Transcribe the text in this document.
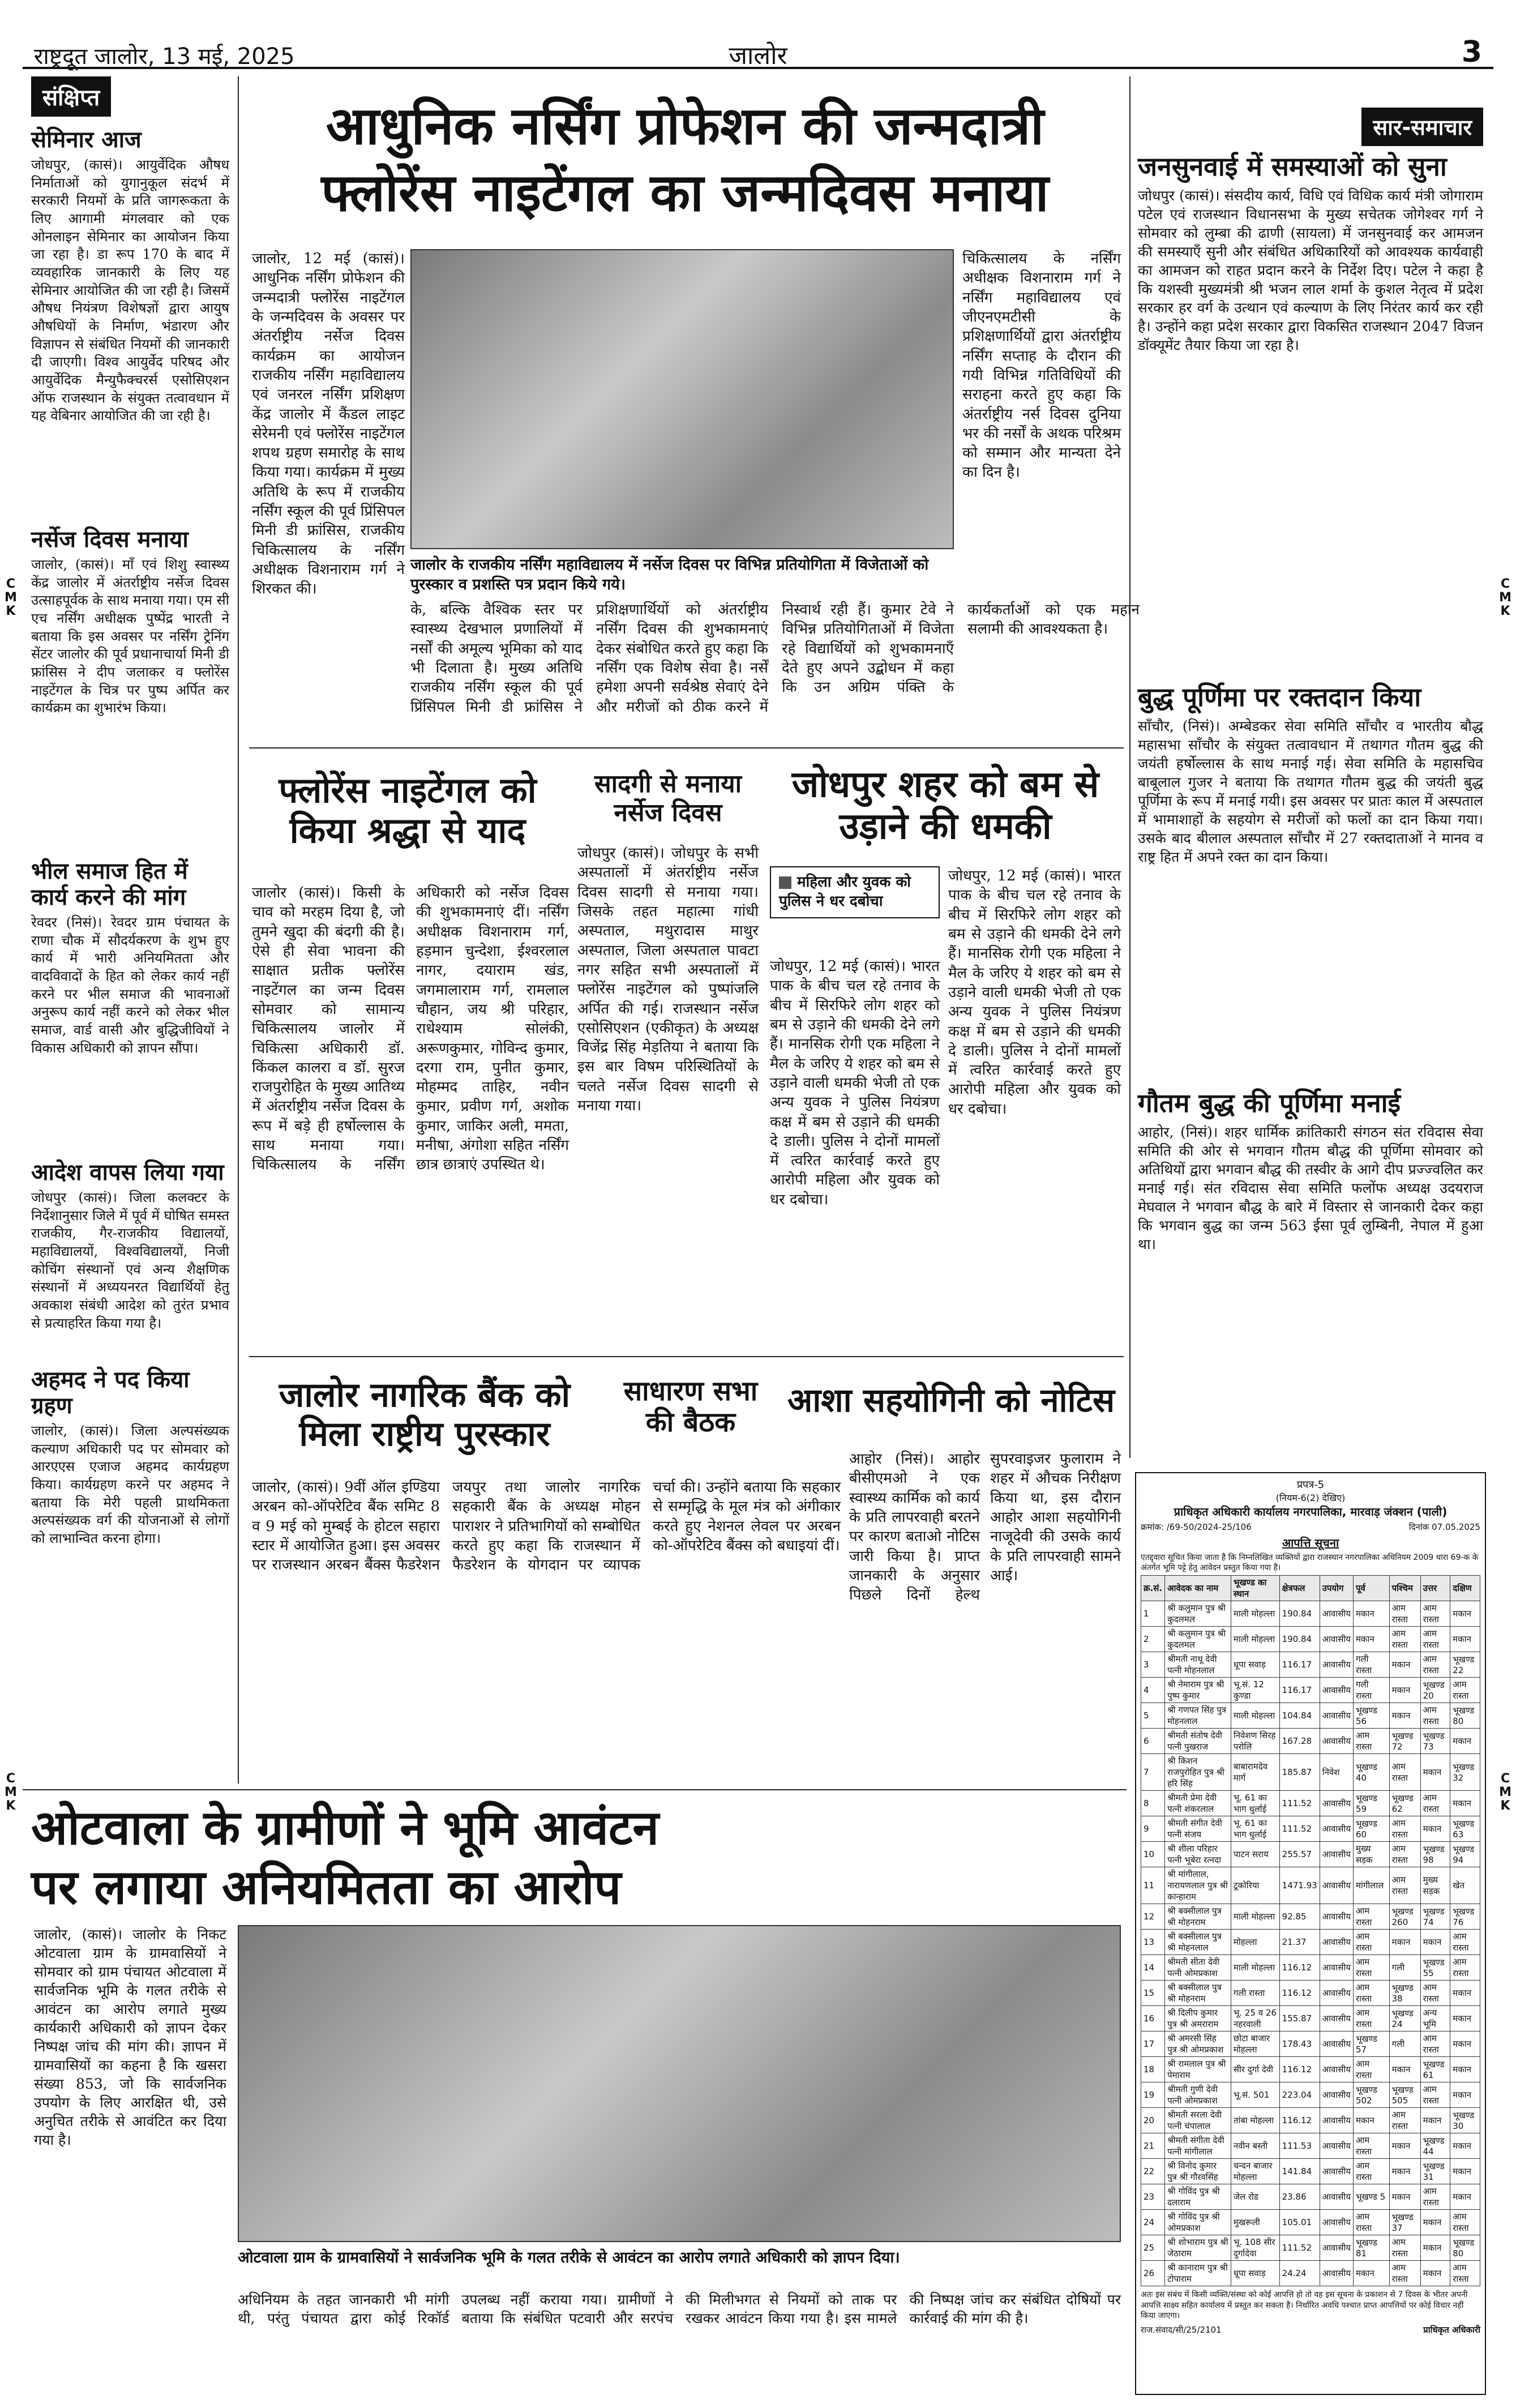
राष्ट्रदूत जालोर, 13 मई, 2025	जालोर	3
C
M
K
C
M
K
C
M
K
C
M
K
संक्षिप्त
सेमिनार आज
जोधपुर, (कासं)। आयुर्वेदिक औषध निर्माताओं को युगानुकूल संदर्भ में सरकारी नियमों के प्रति जागरूकता के लिए आगामी मंगलवार को एक ओनलाइन सेमिनार का आयोजन किया जा रहा है। डा रूप 170 के बाद में व्यवहारिक जानकारी के लिए यह सेमिनार आयोजित की जा रही है। जिसमें औषध नियंत्रण विशेषज्ञों द्वारा आयुष औषधियों के निर्माण, भंडारण और विज्ञापन से संबंधित नियमों की जानकारी दी जाएगी। विश्व आयुर्वेद परिषद और आयुर्वेदिक मैन्युफैक्चरर्स एसोसिएशन ऑफ राजस्थान के संयुक्त तत्वावधान में यह वेबिनार आयोजित की जा रही है।
नर्सेज दिवस मनाया
जालोर, (कासं)। माँ एवं शिशु स्वास्थ्य केंद्र जालोर में अंतर्राष्ट्रीय नर्सेज दिवस उत्साहपूर्वक के साथ मनाया गया। एम सी एच नर्सिंग अधीक्षक पुष्पेंद्र भारती ने बताया कि इस अवसर पर नर्सिंग ट्रेनिंग सेंटर जालोर की पूर्व प्रधानाचार्या मिनी डी फ्रांसिस ने दीप जलाकर व फ्लोरेंस नाइटेंगल के चित्र पर पुष्प अर्पित कर कार्यक्रम का शुभारंभ किया।
भील समाज हित में कार्य करने की मांग
रेवदर (निसं)। रेवदर ग्राम पंचायत के राणा चौक में सौदर्यकरण के शुभ हुए कार्य में भारी अनियमितता और वादविवादों के हित को लेकर कार्य नहीं करने पर भील समाज की भावनाओं अनुरूप कार्य नहीं करने को लेकर भील समाज, वार्ड वासी और बुद्धिजीवियों ने विकास अधिकारी को ज्ञापन सौंपा।
आदेश वापस लिया गया
जोधपुर (कासं)। जिला कलक्टर के निर्देशानुसार जिले में पूर्व में घोषित समस्त राजकीय, गैर-राजकीय विद्यालयों, महाविद्यालयों, विश्वविद्यालयों, निजी कोचिंग संस्थानों एवं अन्य शैक्षणिक संस्थानों में अध्ययनरत विद्यार्थियों हेतु अवकाश संबंधी आदेश को तुरंत प्रभाव से प्रत्याहरित किया गया है।
अहमद ने पद किया ग्रहण
जालोर, (कासं)। जिला अल्पसंख्यक कल्याण अधिकारी पद पर सोमवार को आरएएस एजाज अहमद कार्यग्रहण किया। कार्यग्रहण करने पर अहमद ने बताया कि मेरी पहली प्राथमिकता अल्पसंख्यक वर्ग की योजनाओं से लोगों को लाभान्वित करना होगा।
आधुनिक नर्सिंग प्रोफेशन की जन्मदात्री
फ्लोरेंस नाइटेंगल का जन्मदिवस मनाया
जालोर, 12 मई (कासं)। आधुनिक नर्सिंग प्रोफेशन की जन्मदात्री फ्लोरेंस नाइटेंगल के जन्मदिवस के अवसर पर अंतर्राष्ट्रीय नर्सेज दिवस कार्यक्रम का आयोजन राजकीय नर्सिंग महाविद्यालय एवं जनरल नर्सिंग प्रशिक्षण केंद्र जालोर में कैंडल लाइट सेरेमनी एवं फ्लोरेंस नाइटेंगल शपथ ग्रहण समारोह के साथ किया गया। कार्यक्रम में मुख्य अतिथि के रूप में राजकीय नर्सिंग स्कूल की पूर्व प्रिंसिपल मिनी डी फ्रांसिस, राजकीय चिकित्सालय के नर्सिंग अधीक्षक विशनाराम गर्ग ने शिरकत की।
जालोर के राजकीय नर्सिंग महाविद्यालय में नर्सेज दिवस पर विभिन्न प्रतियोगिता में विजेताओं को पुरस्कार व प्रशस्ति पत्र प्रदान किये गये।
चिकित्सालय के नर्सिंग अधीक्षक विशनाराम गर्ग ने नर्सिंग महाविद्यालय एवं जीएनएमटीसी के प्रशिक्षणार्थियों द्वारा अंतर्राष्ट्रीय नर्सिंग सप्ताह के दौरान की गयी विभिन्न गतिविधियों की सराहना करते हुए कहा कि अंतर्राष्ट्रीय नर्स दिवस दुनिया भर की नर्सों के अथक परिश्रम को सम्मान और मान्यता देने का दिन है।
के, बल्कि वैश्विक स्तर पर स्वास्थ्य देखभाल प्रणालियों में नर्सों की अमूल्य भूमिका को याद भी दिलाता है। मुख्य अतिथि राजकीय नर्सिंग स्कूल की पूर्व प्रिंसिपल मिनी डी फ्रांसिस ने प्रशिक्षणार्थियों को अंतर्राष्ट्रीय नर्सिंग दिवस की शुभकामनाएं देकर संबोधित करते हुए कहा कि नर्सिंग एक विशेष सेवा है। नर्सें हमेशा अपनी सर्वश्रेष्ठ सेवाएं देने और मरीजों को ठीक करने में निस्वार्थ रही हैं। कुमार टेवे ने विभिन्न प्रतियोगिताओं में विजेता रहे विद्यार्थियों को शुभकामनाएँ देते हुए अपने उद्बोधन में कहा कि उन अग्रिम पंक्ति के कार्यकर्ताओं को एक महान सलामी की आवश्यकता है।
फ्लोरेंस नाइटेंगल को किया श्रद्धा से याद
जालोर (कासं)। किसी के चाव को मरहम दिया है, जो तुमने खुदा की बंदगी की है। ऐसे ही सेवा भावना की साक्षात प्रतीक फ्लोरेंस नाइटेंगल का जन्म दिवस सोमवार को सामान्य चिकित्सालय जालोर में चिकित्सा अधिकारी डॉ. किंकल कालरा व डॉ. सुरज राजपुरोहित के मुख्य आतिथ्य में अंतर्राष्ट्रीय नर्सेज दिवस के रूप में बड़े ही हर्षोल्लास के साथ मनाया गया। चिकित्सालय के नर्सिंग अधिकारी को नर्सेज दिवस की शुभकामनाएं दीं। नर्सिंग अधीक्षक विशनाराम गर्ग, हड़मान चुन्देशा, ईश्वरलाल नागर, दयाराम खंड, जगमालाराम गर्ग, रामलाल चौहान, जय श्री परिहार, राधेश्याम सोलंकी, अरूणकुमार, गोविन्द कुमार, दरगा राम, पुनीत कुमार, मोहम्मद ताहिर, नवीन कुमार, प्रवीण गर्ग, अशोक कुमार, जाकिर अली, ममता, मनीषा, अंगोशा सहित नर्सिंग छात्र छात्राएं उपस्थित थे।
सादगी से मनाया नर्सेज दिवस
जोधपुर (कासं)। जोधपुर के सभी अस्पतालों में अंतर्राष्ट्रीय नर्सेज दिवस सादगी से मनाया गया। जिसके तहत महात्मा गांधी अस्पताल, मथुरादास माथुर अस्पताल, जिला अस्पताल पावटा नगर सहित सभी अस्पतालों में फ्लोरेंस नाइटेंगल को पुष्पांजलि अर्पित की गई। राजस्थान नर्सेज एसोसिएशन (एकीकृत) के अध्यक्ष विजेंद्र सिंह मेड़तिया ने बताया कि इस बार विषम परिस्थितियों के चलते नर्सेज दिवस सादगी से मनाया गया।
जोधपुर शहर को बम से उड़ाने की धमकी
महिला और युवक को पुलिस ने धर दबोचा
जोधपुर, 12 मई (कासं)। भारत पाक के बीच चल रहे तनाव के बीच में सिरफिरे लोग शहर को बम से उड़ाने की धमकी देने लगे हैं। मानसिक रोगी एक महिला ने मैल के जरिए ये शहर को बम से उड़ाने वाली धमकी भेजी तो एक अन्य युवक ने पुलिस नियंत्रण कक्ष में बम से उड़ाने की धमकी दे डाली। पुलिस ने दोनों मामलों में त्वरित कार्रवाई करते हुए आरोपी महिला और युवक को धर दबोचा।
जोधपुर, 12 मई (कासं)। भारत पाक के बीच चल रहे तनाव के बीच में सिरफिरे लोग शहर को बम से उड़ाने की धमकी देने लगे हैं। मानसिक रोगी एक महिला ने मैल के जरिए ये शहर को बम से उड़ाने वाली धमकी भेजी तो एक अन्य युवक ने पुलिस नियंत्रण कक्ष में बम से उड़ाने की धमकी दे डाली। पुलिस ने दोनों मामलों में त्वरित कार्रवाई करते हुए आरोपी महिला और युवक को धर दबोचा।
जालोर नागरिक बैंक को मिला राष्ट्रीय पुरस्कार
जालोर, (कासं)। 9वीं ऑल इण्डिया अरबन को-ऑपरेटिव बैंक समिट 8 व 9 मई को मुम्बई के होटल सहारा स्टार में आयोजित हुआ। इस अवसर पर राजस्थान अरबन बैंक्स फैडरेशन जयपुर तथा जालोर नागरिक सहकारी बैंक के अध्यक्ष मोहन पाराशर ने प्रतिभागियों को सम्बोधित करते हुए कहा कि राजस्थान में फैडरेशन के योगदान पर व्यापक चर्चा की। उन्होंने बताया कि सहकार से सम्मृद्धि के मूल मंत्र को अंगीकार करते हुए नेशनल लेवल पर अरबन को-ऑपरेटिव बैंक्स को बधाइयां दीं।
साधारण सभा की बैठक
आशा सहयोगिनी को नोटिस
आहोर (निसं)। आहोर बीसीएमओ ने एक स्वास्थ्य कार्मिक को कार्य के प्रति लापरवाही बरतने पर कारण बताओ नोटिस जारी किया है। प्राप्त जानकारी के अनुसार पिछले दिनों हेल्थ सुपरवाइजर फुलाराम ने शहर में औचक निरीक्षण किया था, इस दौरान आहोर आशा सहयोगिनी नाजूदेवी की उसके कार्य के प्रति लापरवाही सामने आई।
ओटवाला के ग्रामीणों ने भूमि आवंटन
पर लगाया अनियमितता का आरोप
जालोर, (कासं)। जालोर के निकट ओटवाला ग्राम के ग्रामवासियों ने सोमवार को ग्राम पंचायत ओटवाला में सार्वजनिक भूमि के गलत तरीके से आवंटन का आरोप लगाते मुख्य कार्यकारी अधिकारी को ज्ञापन देकर निष्पक्ष जांच की मांग की। ज्ञापन में ग्रामवासियों का कहना है कि खसरा संख्या 853, जो कि सार्वजनिक उपयोग के लिए आरक्षित थी, उसे अनुचित तरीके से आवंटित कर दिया गया है।
ओटवाला ग्राम के ग्रामवासियों ने सार्वजनिक भूमि के गलत तरीके से आवंटन का आरोप लगाते अधिकारी को ज्ञापन दिया।
अधिनियम के तहत जानकारी भी मांगी थी, परंतु पंचायत द्वारा कोई रिकॉर्ड उपलब्ध नहीं कराया गया। ग्रामीणों ने बताया कि संबंधित पटवारी और सरपंच की मिलीभगत से नियमों को ताक पर रखकर आवंटन किया गया है। इस मामले की निष्पक्ष जांच कर संबंधित दोषियों पर कार्रवाई की मांग की है।
सार-समाचार
जनसुनवाई में समस्याओं को सुना
जोधपुर (कासं)। संसदीय कार्य, विधि एवं विधिक कार्य मंत्री जोगाराम पटेल एवं राजस्थान विधानसभा के मुख्य सचेतक जोगेश्वर गर्ग ने सोमवार को लुम्बा की ढाणी (सायला) में जनसुनवाई कर आमजन की समस्याएँ सुनी और संबंधित अधिकारियों को आवश्यक कार्यवाही का आमजन को राहत प्रदान करने के निर्देश दिए। पटेल ने कहा है कि यशस्वी मुख्यमंत्री श्री भजन लाल शर्मा के कुशल नेतृत्व में प्रदेश सरकार हर वर्ग के उत्थान एवं कल्याण के लिए निरंतर कार्य कर रही है। उन्होंने कहा प्रदेश सरकार द्वारा विकसित राजस्थान 2047 विजन डॉक्यूमेंट तैयार किया जा रहा है।
बुद्ध पूर्णिमा पर रक्तदान किया
साँचौर, (निसं)। अम्बेडकर सेवा समिति साँचौर व भारतीय बौद्ध महासभा साँचौर के संयुक्त तत्वावधान में तथागत गौतम बुद्ध की जयंती हर्षोल्लास के साथ मनाई गई। सेवा समिति के महासचिव बाबूलाल गुजर ने बताया कि तथागत गौतम बुद्ध की जयंती बुद्ध पूर्णिमा के रूप में मनाई गयी। इस अवसर पर प्रातः काल में अस्पताल में भामाशाहों के सहयोग से मरीजों को फलों का दान किया गया। उसके बाद बीलाल अस्पताल साँचौर में 27 रक्तदाताओं ने मानव व राष्ट्र हित में अपने रक्त का दान किया।
गौतम बुद्ध की पूर्णिमा मनाई
आहोर, (निसं)। शहर धार्मिक क्रांतिकारी संगठन संत रविदास सेवा समिति की ओर से भगवान गौतम बौद्ध की पूर्णिमा सोमवार को अतिथियों द्वारा भगवान बौद्ध की तस्वीर के आगे दीप प्रज्ज्वलित कर मनाई गई। संत रविदास सेवा समिति फलोंफ अध्यक्ष उदयराज मेघवाल ने भगवान बौद्ध के बारे में विस्तार से जानकारी देकर कहा कि भगवान बुद्ध का जन्म 563 ईसा पूर्व लुम्बिनी, नेपाल में हुआ था।
प्रपत्र-5
(नियम-6(2) देखिए)
प्राधिकृत अधिकारी कार्यालय नगरपालिका, मारवाड़ जंक्शन (पाली)
क्रमांक: /69-50/2024-25/106	दिनांक 07.05.2025
आपत्ति सूचना
एतद्द्वारा सूचित किया जाता है कि निम्नलिखित व्यक्तियों द्वारा राजस्थान नगरपालिका अधिनियम 2009 धारा 69-क के अंतर्गत भूमि पट्टे हेतु आवेदन प्रस्तुत किया गया है।
क्र.सं.	आवेदक का नाम	भूखण्ड का स्थान	क्षेत्रफल	उपयोग	पूर्व	पश्चिम	उत्तर	दक्षिण
1	श्री कलुमान पुत्र श्री कुदलमल	माली मोहल्ला	190.84	आवासीय	मकान	आम रास्ता	आम रास्ता	मकान
2	श्री कलुमान पुत्र श्री कुदलमल	माली मोहल्ला	190.84	आवासीय	मकान	आम रास्ता	आम रास्ता	मकान
3	श्रीमती नाथू देवी पत्नी मोहनलाल	धूपा सवाड़	116.17	आवासीय	गली रास्ता	मकान	आम रास्ता	भूखण्ड 22
4	श्री नेमाराम पुत्र श्री पुष्प कुमार	भू.सं. 12 कुण्डा	116.17	आवासीय	गली रास्ता	मकान	भूखण्ड 20	आम रास्ता
5	श्री गणपत सिंह पुत्र मोहनलाल	माली मोहल्ला	104.84	आवासीय	भूखण्ड 56	मकान	आम रास्ता	भूखण्ड 80
6	श्रीमती संतोष देवी पत्नी पुखराज	निवेशण सिरह परोलि	167.28	आवासीय	आम रास्ता	भूखण्ड 72	भूखण्ड 73	मकान
7	श्री किशन राजपुरोहित पुत्र श्री हरि सिंह	बाबारामदेव मार्ग	185.87	निवेश	भूखण्ड 40	आम रास्ता	मकान	भूखण्ड 32
8	श्रीमती प्रेमा देवी पत्नी शंकरलाल	भू. 61 का भाग धुर्लाई	111.52	आवासीय	भूखण्ड 59	भूखण्ड 62	आम रास्ता	मकान
9	श्रीमती संगीत देवी पत्नी संजय	भू. 61 का भाग धुर्लाई	111.52	आवासीय	भूखण्ड 60	आम रास्ता	मकान	भूखण्ड 63
10	श्री शीला परिहार पत्नी भूबेरा रत्नदा	पाटन सराय	255.57	आवासीय	मुख्य सड़क	आम रास्ता	भूखण्ड 98	भूखण्ड 94
11	श्री मांगीलाल, नारायणलाल पुत्र श्री कान्हाराम	टूकोरिया	1471.93	आवासीय	मांगीलाल	आम रास्ता	मुख्य सड़क	खेत
12	श्री बक्सीलाल पुत्र श्री मोहनराम	माली मोहल्ला	92.85	आवासीय	आम रास्ता	भूखण्ड 260	भूखण्ड 74	भूखण्ड 76
13	श्री बक्सीलाल पुत्र श्री मोहनलाल	मोहल्ला	21.37	आवासीय	आम रास्ता	मकान	मकान	आम रास्ता
14	श्रीमती सीता देवी पत्नी ओमप्रकाश	माली मोहल्ला	116.12	आवासीय	आम रास्ता	गली	भूखण्ड 55	आम रास्ता
15	श्री बक्सीलाल पुत्र श्री मोहनराम	गली रास्ता	116.12	आवासीय	आम रास्ता	भूखण्ड 38	आम रास्ता	मकान
16	श्री दिलीप कुमार पुत्र श्री अमराराम	भू. 25 व 26 नहरवाली	155.87	आवासीय	आम रास्ता	भूखण्ड 24	अन्य भूमि	मकान
17	श्री अमरसी सिंह पुत्र श्री ओमप्रकाश	छोटा बाजार मोहल्ला	178.43	आवासीय	भूखण्ड 57	गली	आम रास्ता	मकान
18	श्री रामलाल पुत्र श्री पेमाराम	सीर दुर्गा देवी	116.12	आवासीय	आम रास्ता	मकान	भूखण्ड 61	मकान
19	श्रीमती गुणी देवी पत्नी ओमप्रकाश	भू.सं. 501	223.04	आवासीय	भूखण्ड 502	भूखण्ड 505	आम रास्ता	मकान
20	श्रीमती सरला देवी पत्नी चंपालाल	तांबा मोहल्ला	116.12	आवासीय	मकान	आम रास्ता	मकान	भूखण्ड 30
21	श्रीमती संगीता देवी पत्नी मांगीलाल	नवीन बस्ती	111.53	आवासीय	आम रास्ता	मकान	भूखण्ड 44	मकान
22	श्री विनोद कुमार पुत्र श्री गौरवसिंह	चन्दन बाजार मोहल्ला	141.84	आवासीय	आम रास्ता	मकान	भूखण्ड 31	मकान
23	श्री गोविंद पुत्र श्री दलाराम	जेल रोड	23.86	आवासीय	भूखण्ड 5	मकान	आम रास्ता	मकान
24	श्री गोविंद पुत्र श्री ओमप्रकाश	मुखरूली	105.01	आवासीय	आम रास्ता	भूखण्ड 37	मकान	आम रास्ता
25	श्री शोभाराम पुत्र श्री जेठाराम	भू. 108 सीर दुर्गादेवा	111.52	आवासीय	भूखण्ड 81	आम रास्ता	मकान	भूखण्ड 80
26	श्री कानाराम पुत्र श्री टोपाराम	धूपा सवाड़	24.24	आवासीय	मकान	आम रास्ता	मकान	आम रास्ता
अतः इस संबंध में किसी व्यक्ति/संस्था को कोई आपत्ति हो तो वह इस सूचना के प्रकाशन से 7 दिवस के भीतर अपनी आपत्ति साक्ष्य सहित कार्यालय में प्रस्तुत कर सकता है। निर्धारित अवधि पश्चात प्राप्त आपत्तियों पर कोई विचार नहीं किया जाएगा।
राज.संवाद/सी/25/2101	प्राधिकृत अधिकारी
